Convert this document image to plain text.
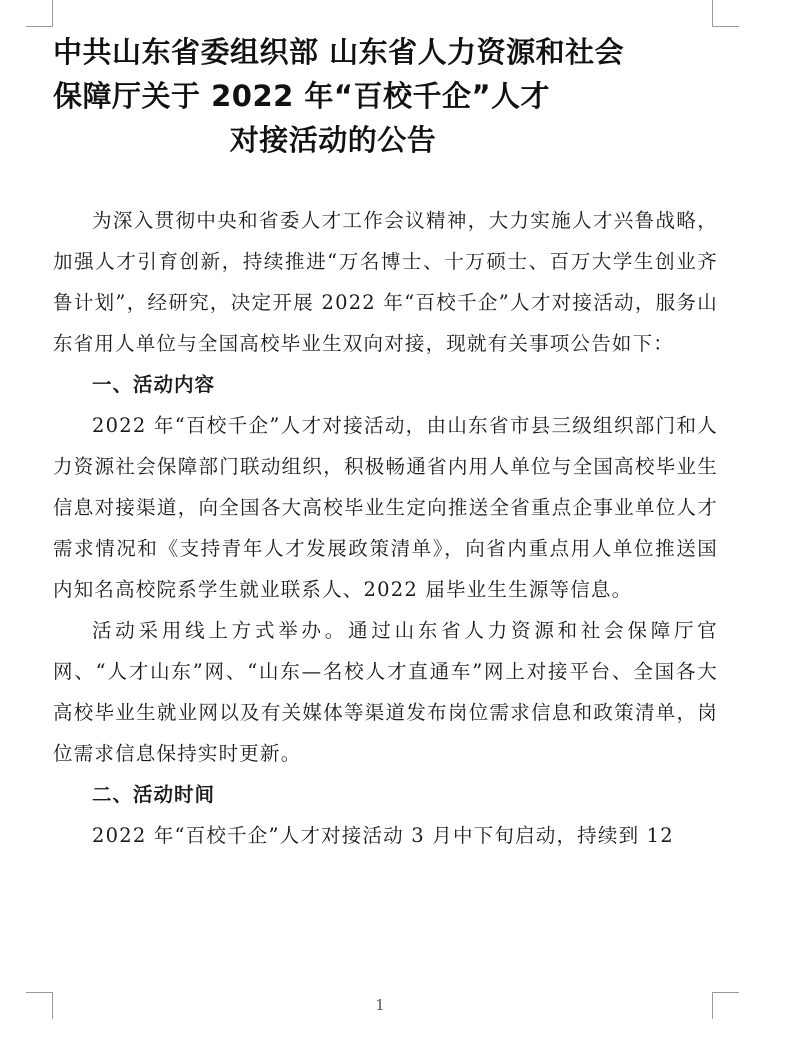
中共山东省委组织部 山东省人力资源和社会
保障厅关于 2022 年“百校千企”人才
对接活动的公告

为深入贯彻中央和省委人才工作会议精神，大力实施人才兴鲁战略，加强人才引育创新，持续推进“万名博士、十万硕士、百万大学生创业齐鲁计划”，经研究，决定开展 2022 年“百校千企”人才对接活动，服务山东省用人单位与全国高校毕业生双向对接，现就有关事项公告如下：

一、活动内容

2022 年“百校千企”人才对接活动，由山东省市县三级组织部门和人力资源社会保障部门联动组织，积极畅通省内用人单位与全国高校毕业生信息对接渠道，向全国各大高校毕业生定向推送全省重点企事业单位人才需求情况和《支持青年人才发展政策清单》，向省内重点用人单位推送国内知名高校院系学生就业联系人、2022 届毕业生生源等信息。

活动采用线上方式举办。通过山东省人力资源和社会保障厅官网、“人才山东”网、“山东—名校人才直通车”网上对接平台、全国各大高校毕业生就业网以及有关媒体等渠道发布岗位需求信息和政策清单，岗位需求信息保持实时更新。

二、活动时间

2022 年“百校千企”人才对接活动 3 月中下旬启动，持续到 12

1
